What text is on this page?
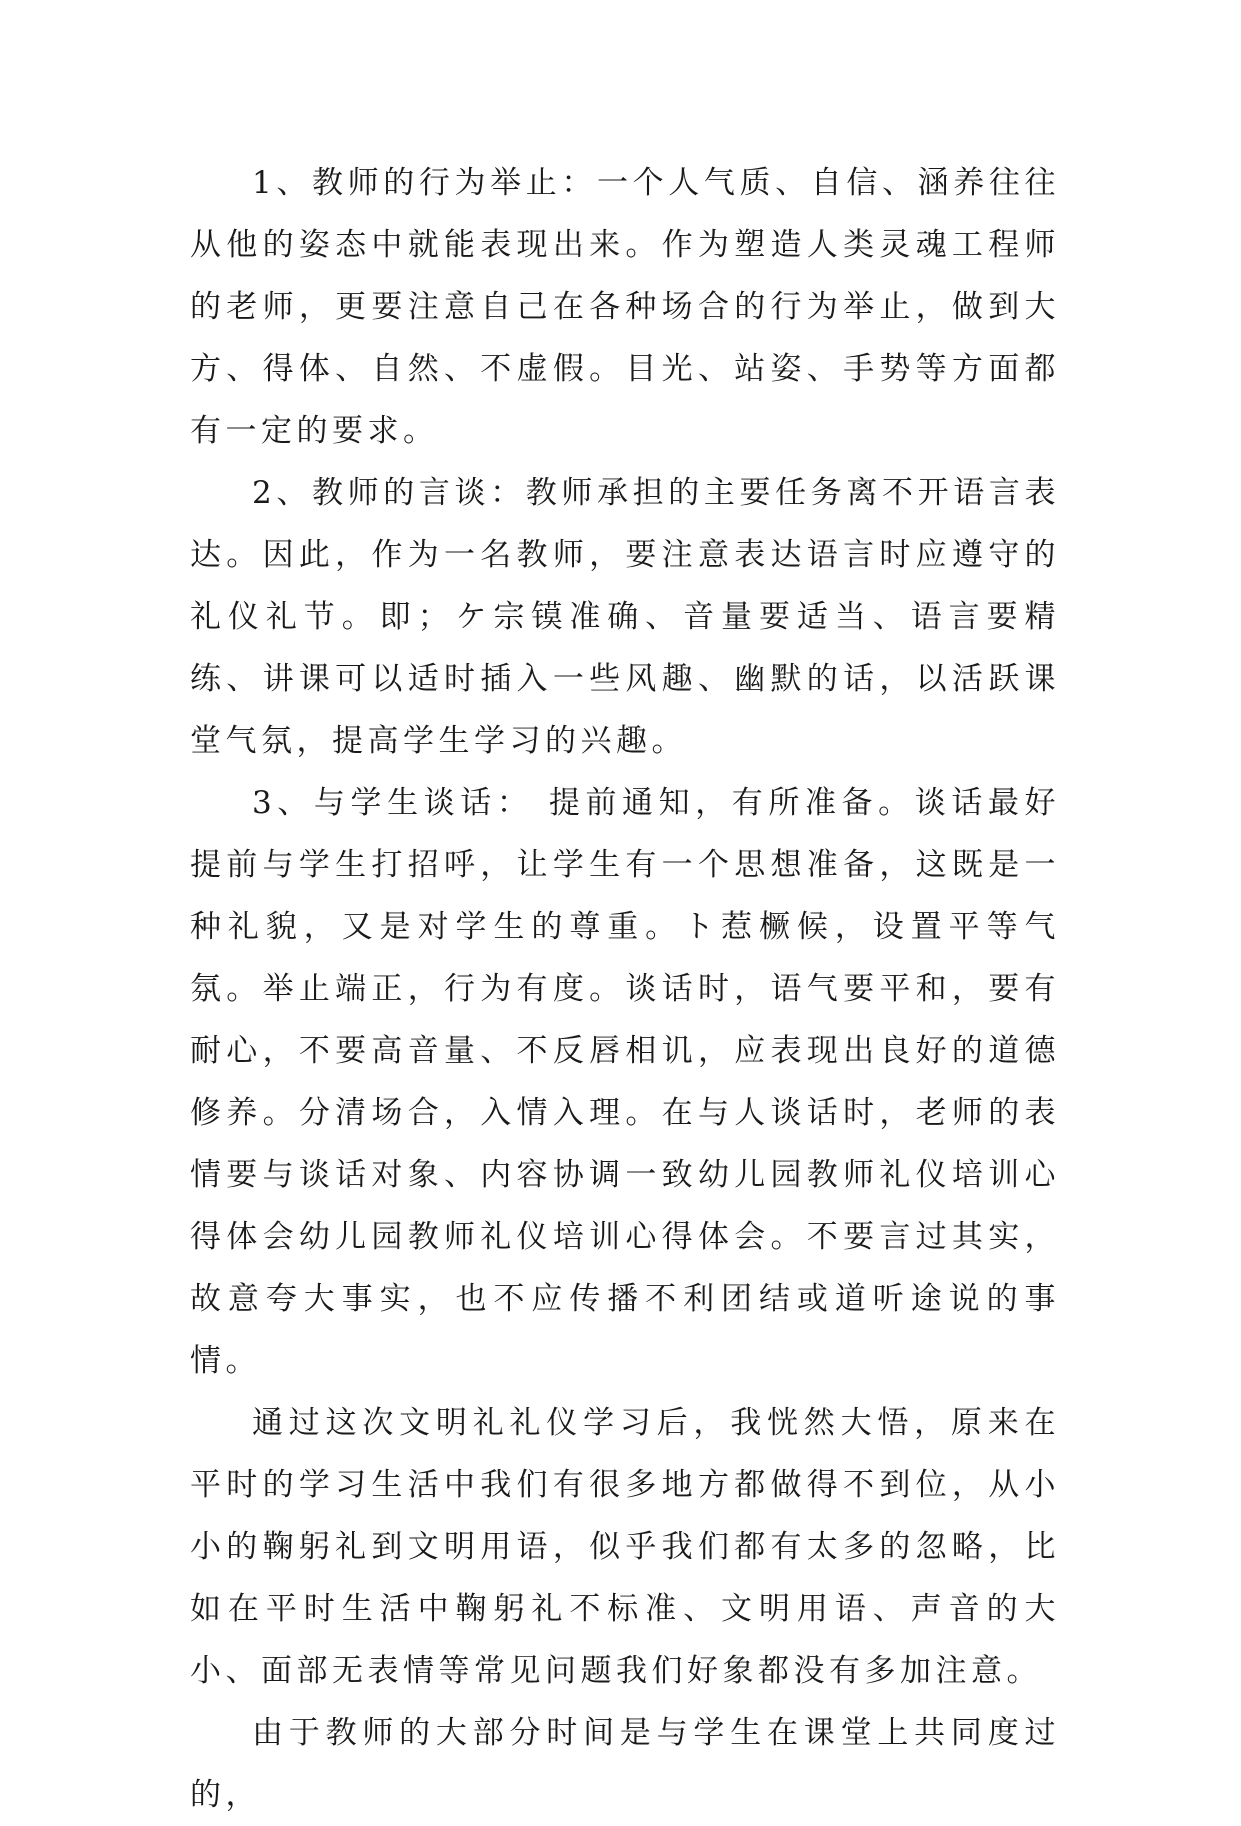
1、教师的行为举止：一个人气质、自信、涵养往往从他的姿态中就能表现出来。作为塑造人类灵魂工程师的老师，更要注意自己在各种场合的行为举止，做到大方、得体、自然、不虚假。目光、站姿、手势等方面都有一定的要求。

2、教师的言谈：教师承担的主要任务离不开语言表达。因此，作为一名教师，要注意表达语言时应遵守的礼仪礼节。即；ケ宗镆准确、音量要适当、语言要精练、讲课可以适时插入一些风趣、幽默的话，以活跃课堂气氛，提高学生学习的兴趣。

3、与学生谈话： 提前通知，有所准备。谈话最好提前与学生打招呼，让学生有一个思想准备，这既是一种礼貌，又是对学生的尊重。ト惹橛候，设置平等气氛。举止端正，行为有度。谈话时，语气要平和，要有耐心，不要高音量、不反唇相讥，应表现出良好的道德修养。分清场合，入情入理。在与人谈话时，老师的表情要与谈话对象、内容协调一致幼儿园教师礼仪培训心得体会幼儿园教师礼仪培训心得体会。不要言过其实，故意夸大事实，也不应传播不利团结或道听途说的事情。

通过这次文明礼礼仪学习后，我恍然大悟，原来在平时的学习生活中我们有很多地方都做得不到位，从小小的鞠躬礼到文明用语，似乎我们都有太多的忽略，比如在平时生活中鞠躬礼不标准、文明用语、声音的大小、面部无表情等常见问题我们好象都没有多加注意。

由于教师的大部分时间是与学生在课堂上共同度过的，
